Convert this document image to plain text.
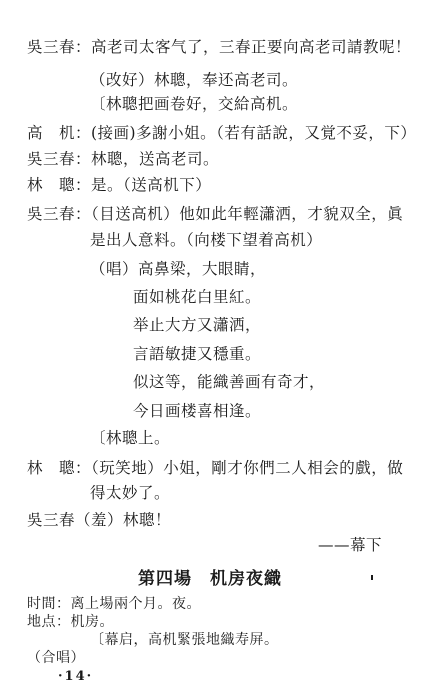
吳三春：高老司太客气了，三春正要向高老司請教呢！
（改好）林聰，奉还高老司。
〔林聰把画卷好，交給高机。
高　机：(接画)多謝小姐。（若有話說，又覚不妥，下）
吳三春：林聰，送高老司。
林　聰：是。（送高机下）
吳三春：（目送高机）他如此年輕瀟洒，才貌双全，眞
是出人意料。（向楼下望着高机）
（唱）高鼻梁，大眼睛，
面如桃花白里紅。
举止大方又瀟洒，
言語敏捷又穩重。
似这等，能織善画有奇才，
今日画楼喜相逢。
〔林聰上。
林　聰：（玩笑地）小姐，剛才你們二人相会的戲，做
得太妙了。
吳三春（羞）林聰！
——幕下
第四場　机房夜織
时間：离上場兩个月。夜。
地点：机房。
〔幕启，高机緊張地織寿屏。
（合唱）
·14·
